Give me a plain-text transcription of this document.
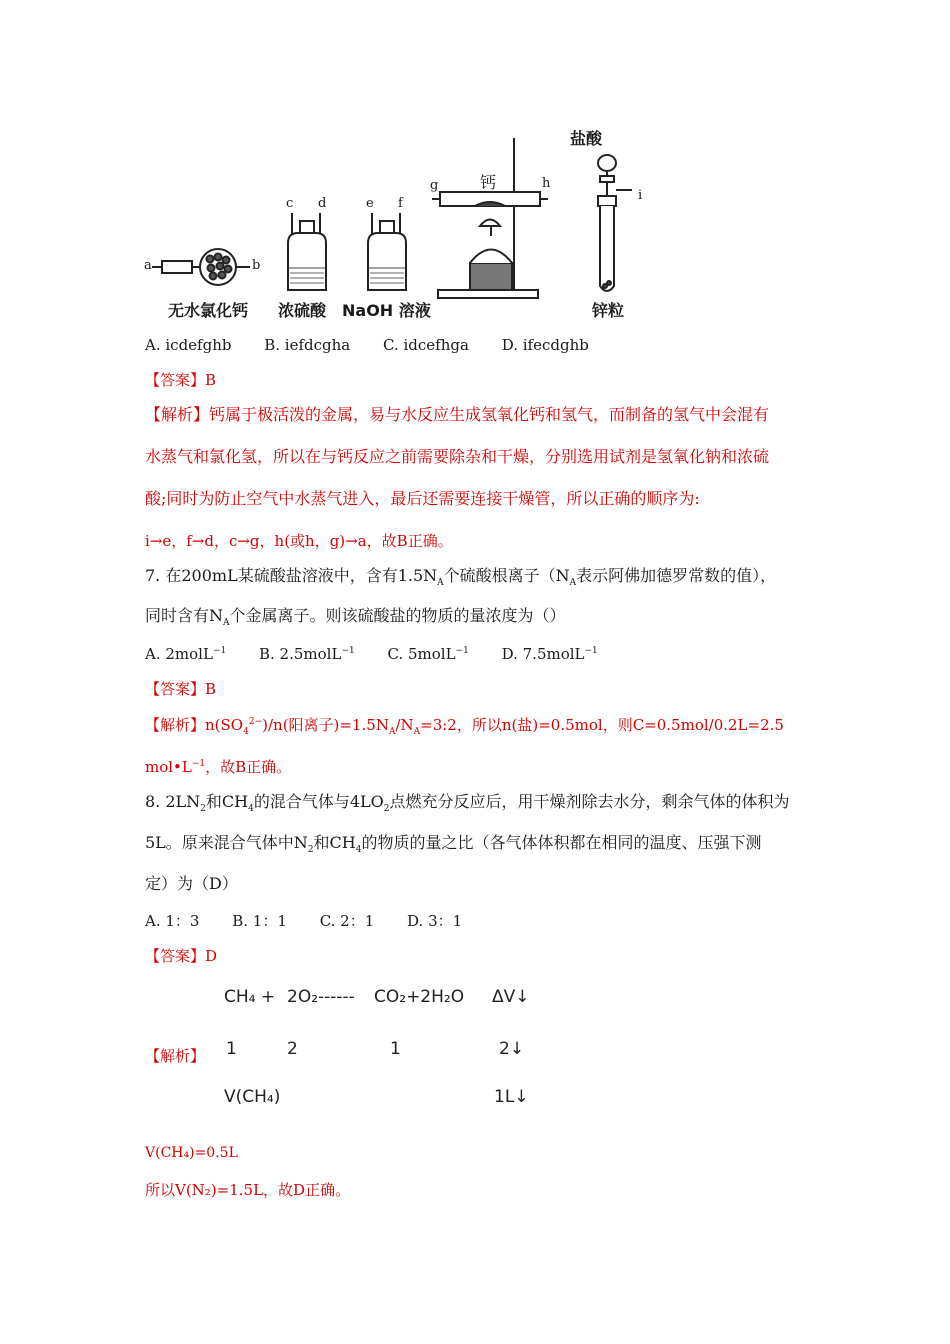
a	b
c d	e f
g	h
i
无水氯化钙 浓硫酸 NaOH 溶液
钙
盐酸
锌粒
A. icdefghb B. iefdcgha C. idcefhga D. ifecdghb
【答案】B
【解析】钙属于极活泼的金属，易与水反应生成氢氧化钙和氢气，而制备的氢气中会混有
水蒸气和氯化氢，所以在与钙反应之前需要除杂和干燥，分别选用试剂是氢氧化钠和浓硫
酸;同时为防止空气中水蒸气进入，最后还需要连接干燥管，所以正确的顺序为:
i→e，f→d，c→g，h(或h，g)→a，故B正确。
7. 在200mL某硫酸盐溶液中，含有$1.5N_A$个硫酸根离子（$N_A$表示阿佛加德罗常数的值），
同时含有$N_A$个金属离子。则该硫酸盐的物质的量浓度为（）
A. 2molL$^{-1}$ B. 2.5molL$^{-1}$ C. 5molL$^{-1}$ D. 7.5molL$^{-1}$
【答案】B
【解析】$n(SO_4^{2-})/n$(阳离子)$=1.5N_A/N_A=3:2$，所以n(盐)=0.5mol，则C=0.5mol/0.2L=2.5
$mol•L^{-1}$，故B正确。
8. $2LN_2$和$CH_4$的混合气体与$4LO_2$点燃充分反应后，用干燥剂除去水分，剩余气体的体积为
5L。原来混合气体中$N_2$和$CH_4$的物质的量之比（各气体体积都在相同的温度、压强下测
定）为（D）
A. 1：3 B. 1：1 C. 2：1 D. 3：1
【答案】D
CH₄ + 2O₂------ CO₂+2H₂O ΔV↓
【解析】 1	2	1	2↓
V(CH₄)	1L↓
V(CH₄)=0.5L
所以V(N₂)=1.5L，故D正确。
